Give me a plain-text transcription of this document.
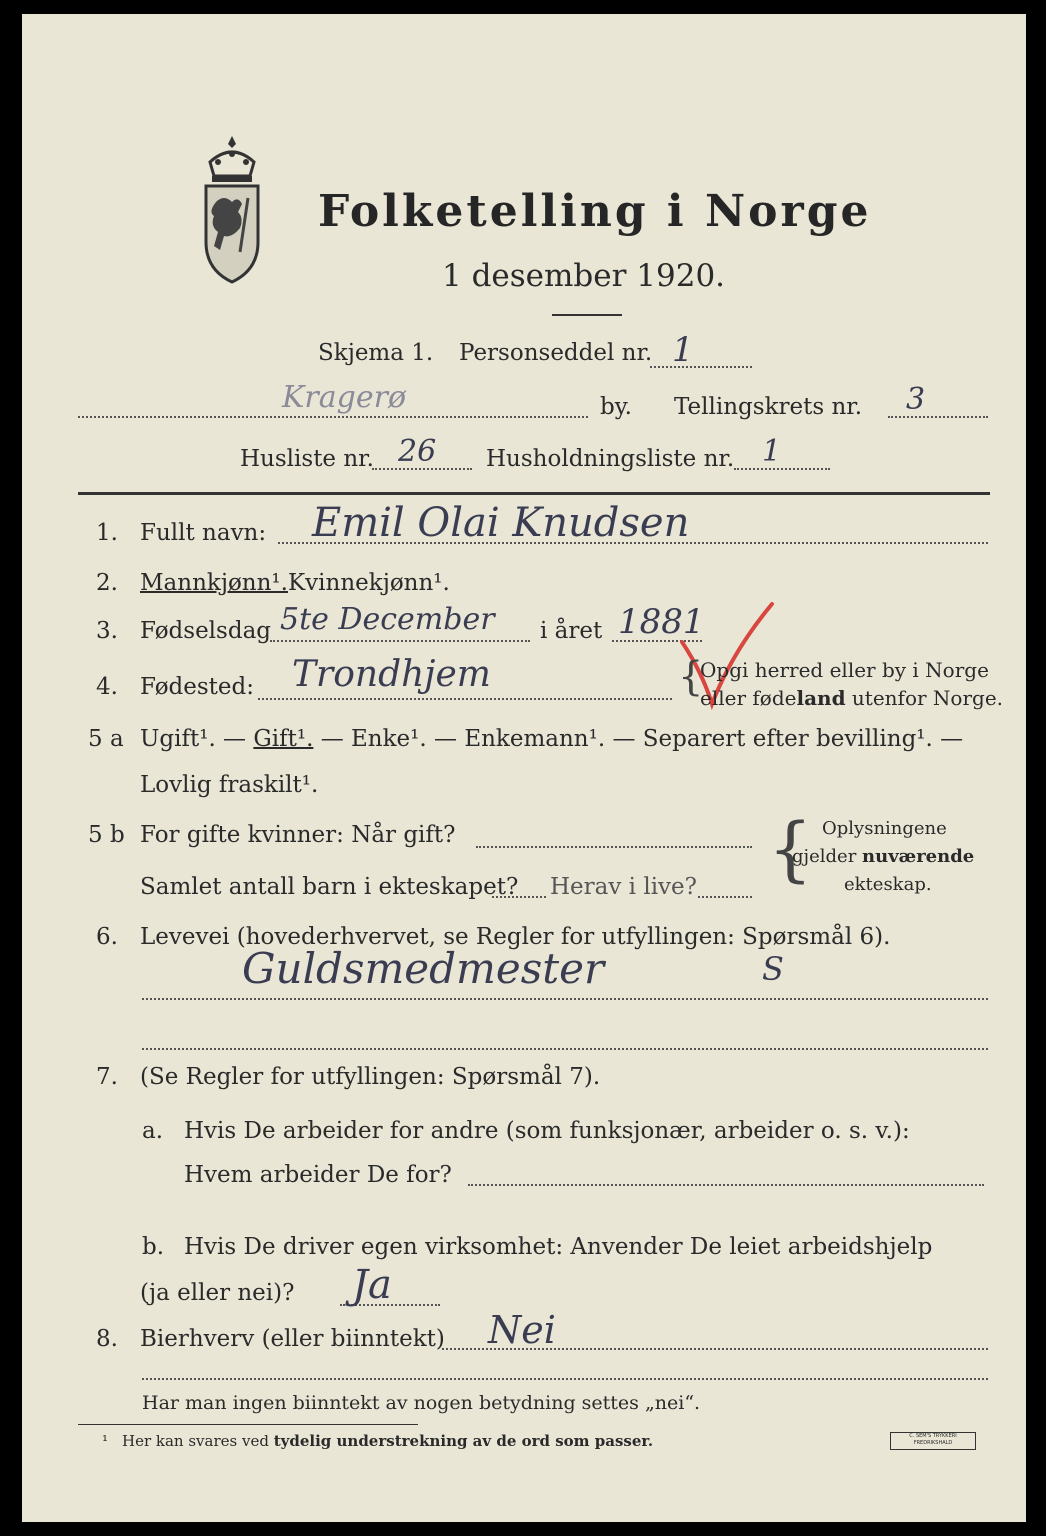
Folketelling i Norge
1 desember 1920.
Skjema 1. Personseddel nr. 1
Kragerø	by. Tellingskrets nr. 3
Husliste nr. 26 Husholdningsliste nr. 1
1. Fullt navn: Emil Olai Knudsen
2. Mannkjønn¹. Kvinnekjønn¹.
3. Fødselsdag 5te December i året 1881
4. Fødested: Trondhjem	{
Opgi herred eller by i Norge
eller fødeland utenfor Norge.
5 a Ugift¹. — Gift¹. — Enke¹. — Enkemann¹. — Separert efter bevilling¹. —
Lovlig fraskilt¹.
5 b For gifte kvinner: Når gift?
Samlet antall barn i ekteskapet? Herav i live? { Oplysningene
gjelder nuværende
ekteskap.
6. Levevei (hovederhvervet, se Regler for utfyllingen: Spørsmål 6).
Guldsmedmester	S
7. (Se Regler for utfyllingen: Spørsmål 7).
a. Hvis De arbeider for andre (som funksjonær, arbeider o. s. v.):
Hvem arbeider De for?
b. Hvis De driver egen virksomhet: Anvender De leiet arbeidshjelp
(ja eller nei)? Ja
8. Bierhverv (eller biinntekt) Nei
Har man ingen biinntekt av nogen betydning settes „nei“.
¹ Her kan svares ved tydelig understrekning av de ord som passer.	C. SEM'S TRYKKERI FREDRIKSHALD
